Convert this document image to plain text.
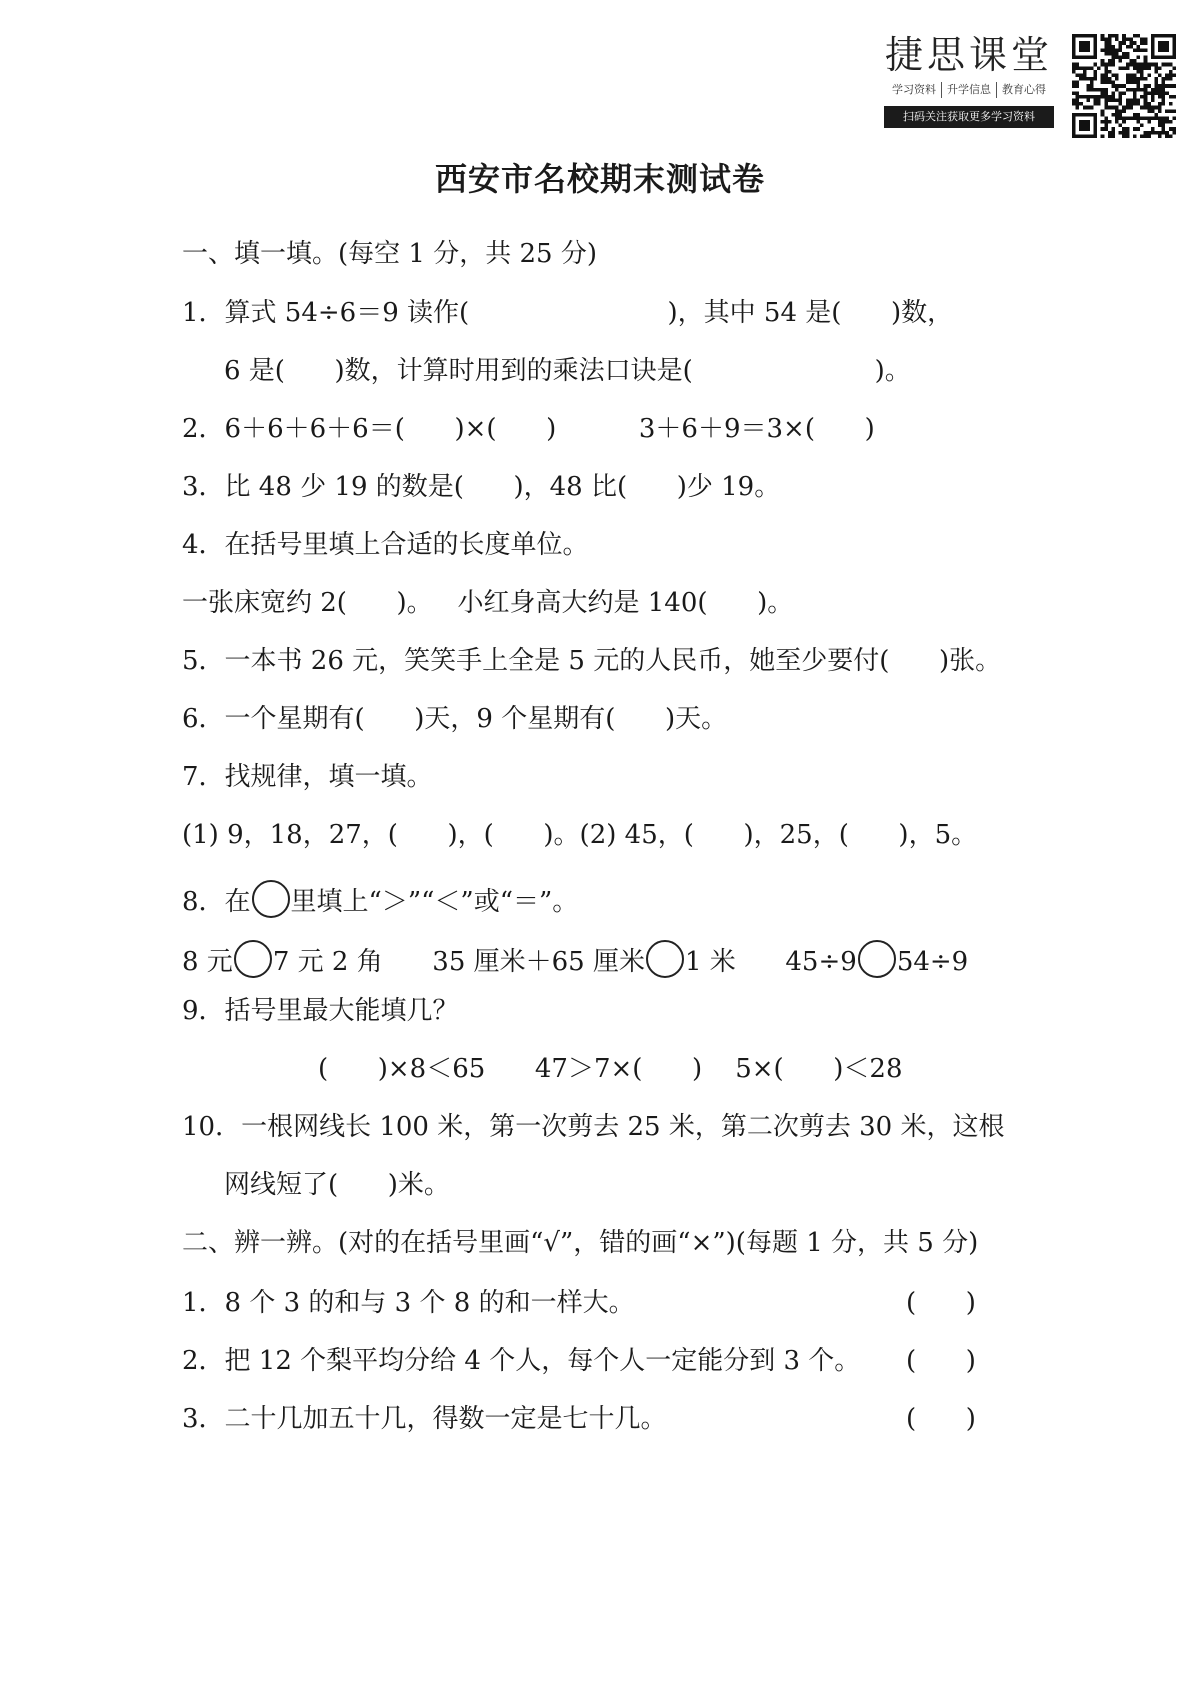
捷思课堂
学习资料	升学信息	教育心得
扫码关注获取更多学习资料
西安市名校期末测试卷
一、填一填。(每空 1 分，共 25 分)
1．算式 54÷6＝9 读作(                        )，其中 54 是(      )数，
6 是(      )数，计算时用到的乘法口诀是(                      )。
2．6＋6＋6＋6＝(      )×(      )          3＋6＋9＝3×(      )
3．比 48 少 19 的数是(      )，48 比(      )少 19。
4．在括号里填上合适的长度单位。
一张床宽约 2(      )。   小红身高大约是 140(      )。
5．一本书 26 元，笑笑手上全是 5 元的人民币，她至少要付(      )张。
6．一个星期有(      )天，9 个星期有(      )天。
7．找规律，填一填。
(1) 9，18，27，(      )，(      )。(2) 45，(      )，25，(      )，5。
8．在 里填上“＞”“＜”或“＝”。
8 元 7 元 2 角      35 厘米＋65 厘米 1 米      45÷9 54÷9
9．括号里最大能填几？
(      )×8＜65      47＞7×(      )    5×(      )＜28
10．一根网线长 100 米，第一次剪去 25 米，第二次剪去 30 米，这根
网线短了(      )米。
二、辨一辨。(对的在括号里画“√”，错的画“×”)(每题 1 分，共 5 分)
1．8 个 3 的和与 3 个 8 的和一样大。	(      )
2．把 12 个梨平均分给 4 个人，每个人一定能分到 3 个。 (      )
3．二十几加五十几，得数一定是七十几。	(      )
